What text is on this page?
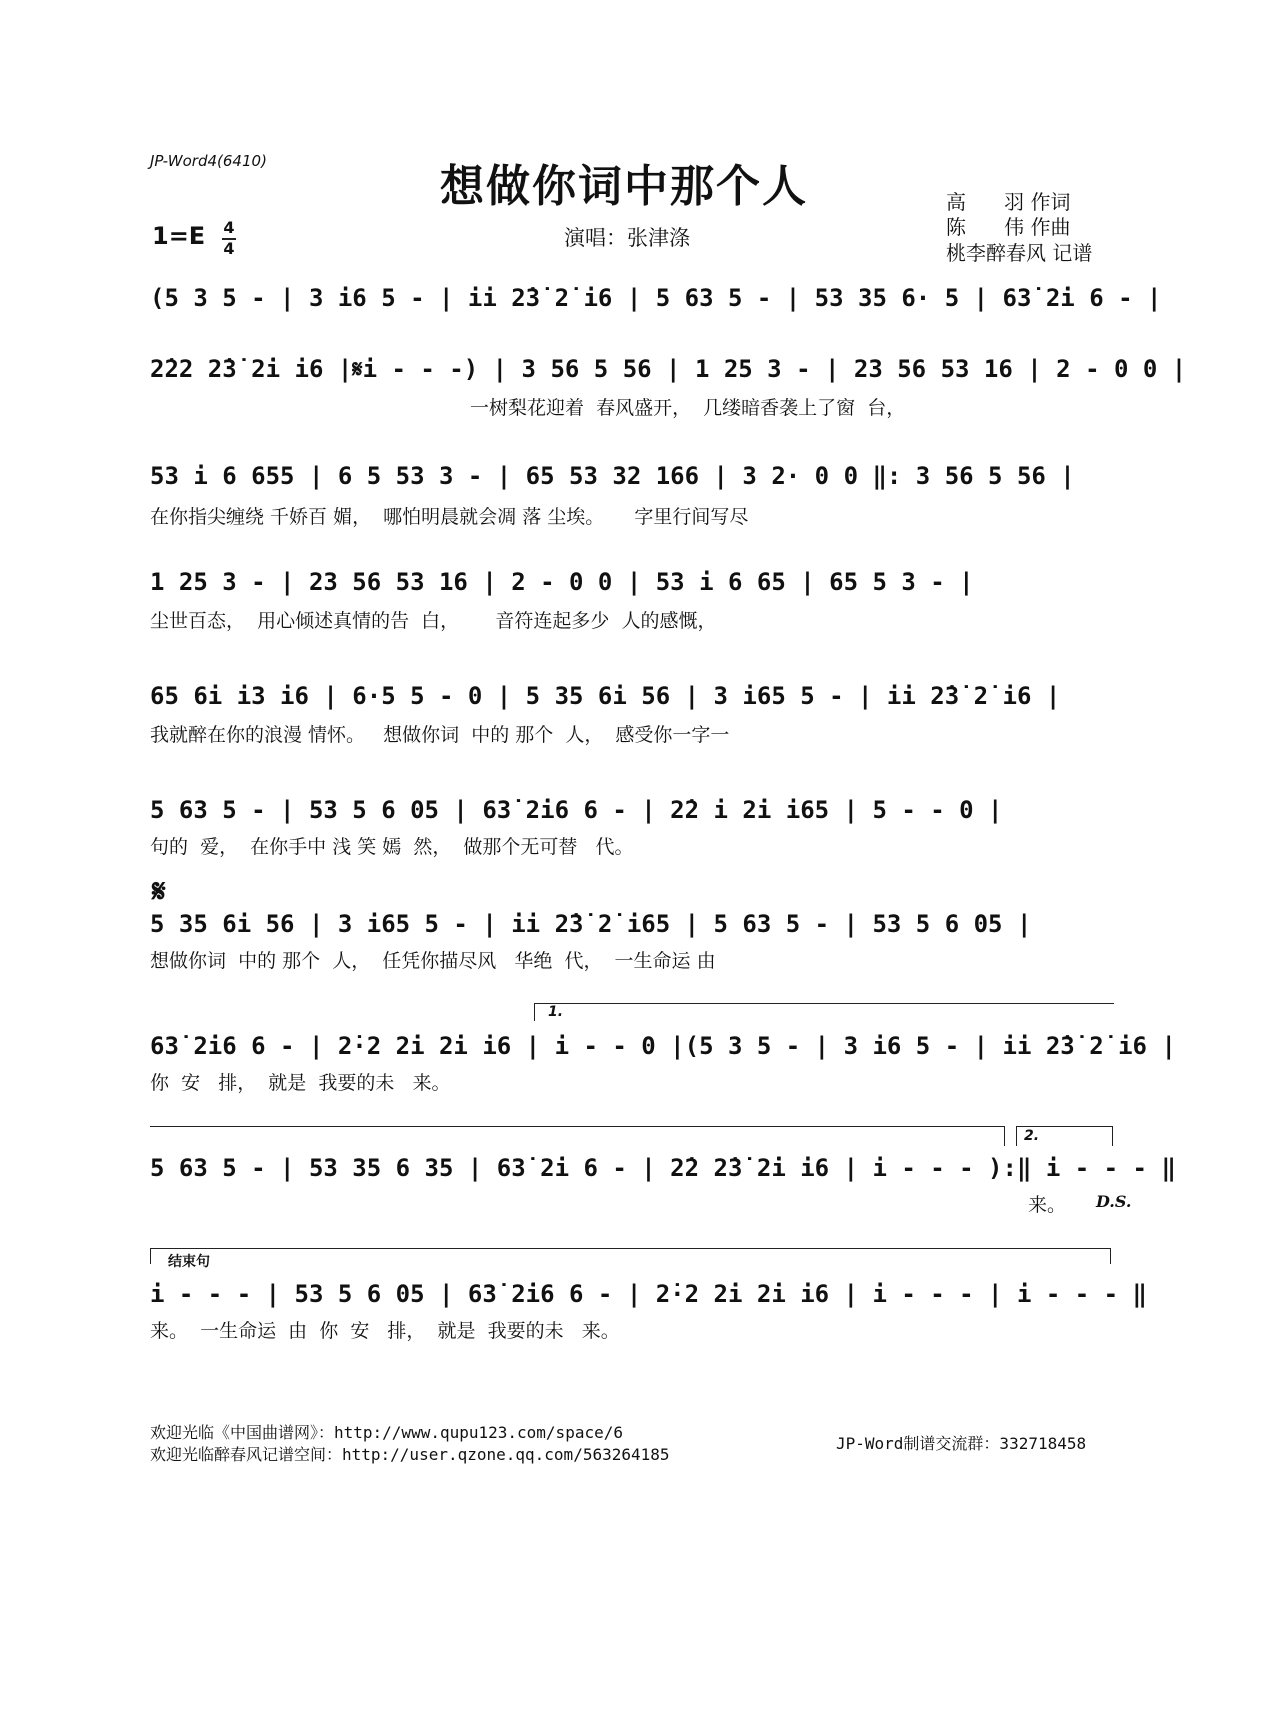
JP-Word4(6410)	想做你词中那个人	高      羽 作词
陈      伟 作曲
桃李醉春风 记谱
1=E 4
4	演唱：张津涤
(5 3 5 - | 3 i6 5 - | ii 2̇3̇ 2̇ i6 | 5 63 5 - | 53 35 6· 5 | 63̇ 2̇i 6 - |
2̇22 2̇3̇ 2̇i i6 |𝄋i - - -) | 3 56 5 56 | 1 25 3 - | 23 56 53 16 | 2 - 0 0 |
一树梨花迎着  春风盛开，  几缕暗香袭上了窗  台，
53 i 6 655 | 6 5 53 3 - | 65 53 32 166 | 3 2· 0 0 ‖: 3 56 5 56 |
在你指尖缠绕 千娇百 媚，  哪怕明晨就会凋 落 尘埃。     字里行间写尽
1 25 3 - | 23 56 53 16 | 2 - 0 0 | 53 i 6 65 | 65 5 3 - |
尘世百态，  用心倾述真情的告  白，      音符连起多少  人的感慨，
65 6i i3 i6 | 6·5 5 - 0 | 5 35 6i 56 | 3 i65 5 - | ii 2̇3̇ 2̇ i6 |
我就醉在你的浪漫 情怀。   想做你词  中的 那个  人，  感受你一字一
5 63 5 - | 53 5 6 05 | 63̇ 2̇i6 6 - | 2̇2 i 2̇i i65 | 5 - - 0 |
句的  爱，  在你手中 浅 笑 嫣  然，  做那个无可替   代。
𝄋
5 35 6i 56 | 3 i65 5 - | ii 2̇3̇ 2̇ i65 | 5 63 5 - | 53 5 6 05 |
想做你词  中的 那个  人，  任凭你描尽风   华绝  代，  一生命运 由
1.
63̇ 2̇i6 6 - | 2̇·2 2̇i 2̇i i6 | i - - 0 |(5 3 5 - | 3 i6 5 - | ii 2̇3̇ 2̇ i6 |
你  安   排，  就是  我要的未   来。
2.
5 63 5 - | 53 35 6 35 | 63̇ 2̇i 6 - | 2̇2 2̇3̇ 2̇i i6 | i - - - ):‖ i - - - ‖
来。 D.S.
结束句
i - - - | 53 5 6 05 | 63̇ 2̇i6 6 - | 2̇·2 2̇i 2̇i i6 | i - - - | i - - - ‖
来。  一生命运  由  你  安   排，  就是  我要的未   来。
欢迎光临《中国曲谱网》：http://www.qupu123.com/space/6
欢迎光临醉春风记谱空间：http://user.qzone.qq.com/563264185
JP-Word制谱交流群：332718458
